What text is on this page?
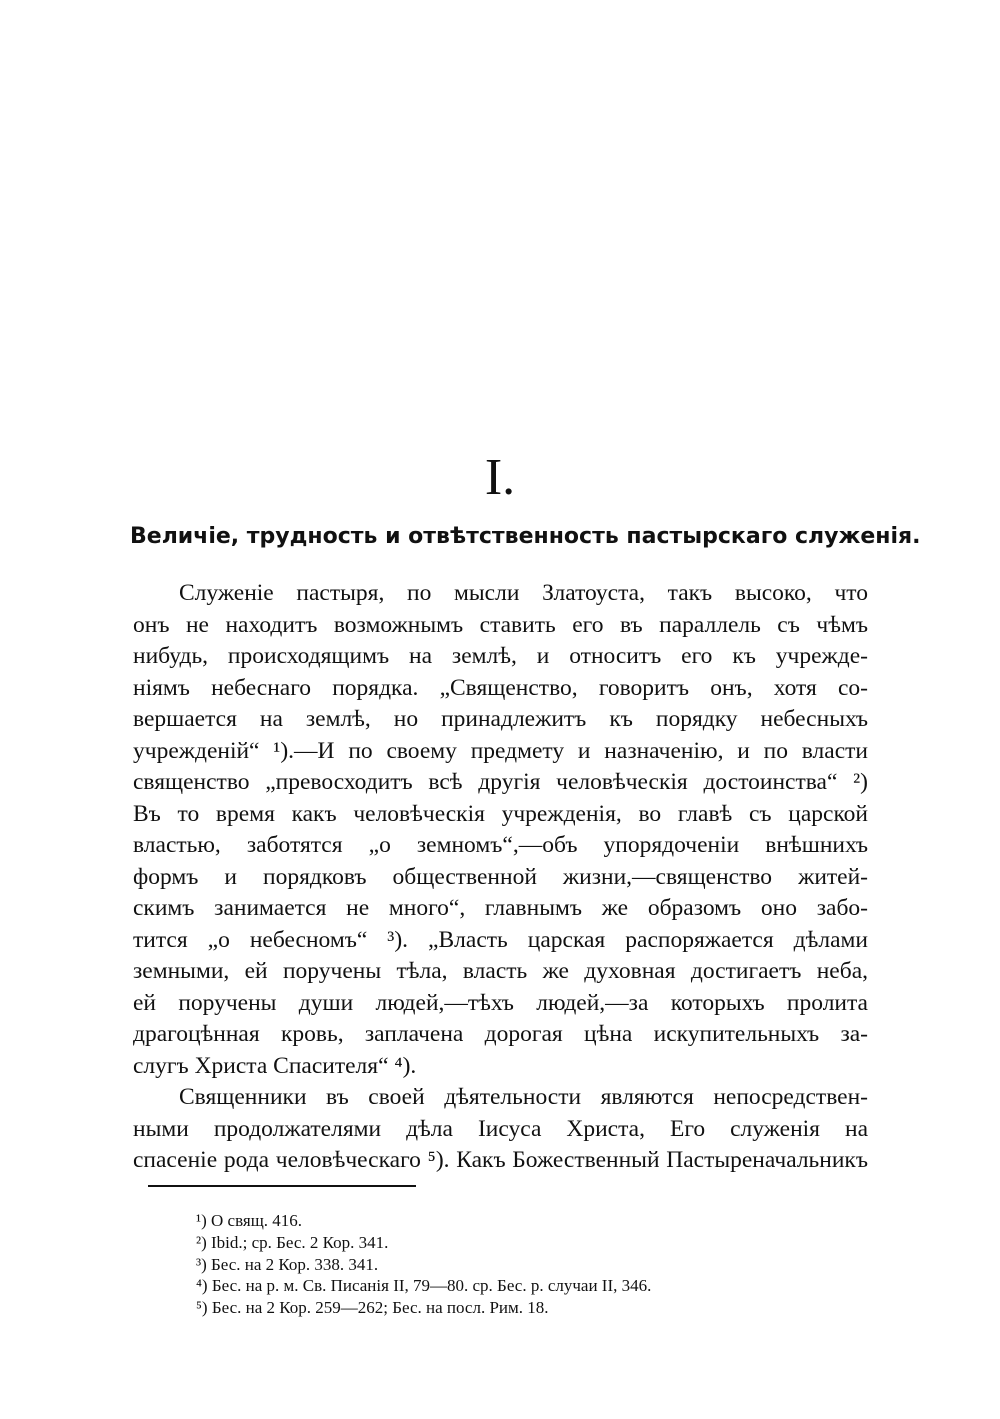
I.
Величіе, трудность и отвѣтственность пастырскаго служенія.
Служеніе пастыря, по мысли Златоуста, такъ высоко, что
онъ не находитъ возможнымъ ставить его въ параллель съ чѣмъ
нибудь, происходящимъ на землѣ, и относитъ его къ учрежде-
ніямъ небеснаго порядка. „Священство, говоритъ онъ, хотя со-
вершается на землѣ, но принадлежитъ къ порядку небесныхъ
учрежденій“ ¹).—И по своему предмету и назначенію, и по власти
священство „превосходитъ всѣ другія человѣческія достоинства“ ²)
Въ то время какъ человѣческія учрежденія, во главѣ съ царской
властью, заботятся „о земномъ“,—объ упорядоченіи внѣшнихъ
формъ и порядковъ общественной жизни,—священство житей-
скимъ занимается не много“, главнымъ же образомъ оно забо-
тится „о небесномъ“ ³). „Власть царская распоряжается дѣлами
земными, ей поручены тѣла, власть же духовная достигаетъ неба,
ей поручены души людей,—тѣхъ людей,—за которыхъ пролита
драгоцѣнная кровь, заплачена дорогая цѣна искупительныхъ за-
слугъ Христа Спасителя“ ⁴).
Священники въ своей дѣятельности являются непосредствен-
ными продолжателями дѣла Іисуса Христа, Его служенія на
спасеніе рода человѣческаго ⁵). Какъ Божественный Пастыреначальникъ
¹) О свящ. 416.
²) Ibid.; ср. Бес. 2 Кор. 341.
³) Бес. на 2 Кор. 338. 341.
⁴) Бес. на р. м. Св. Писанія II, 79—80. ср. Бес. р. случаи II, 346.
⁵) Бес. на 2 Кор. 259—262; Бес. на посл. Рим. 18.
